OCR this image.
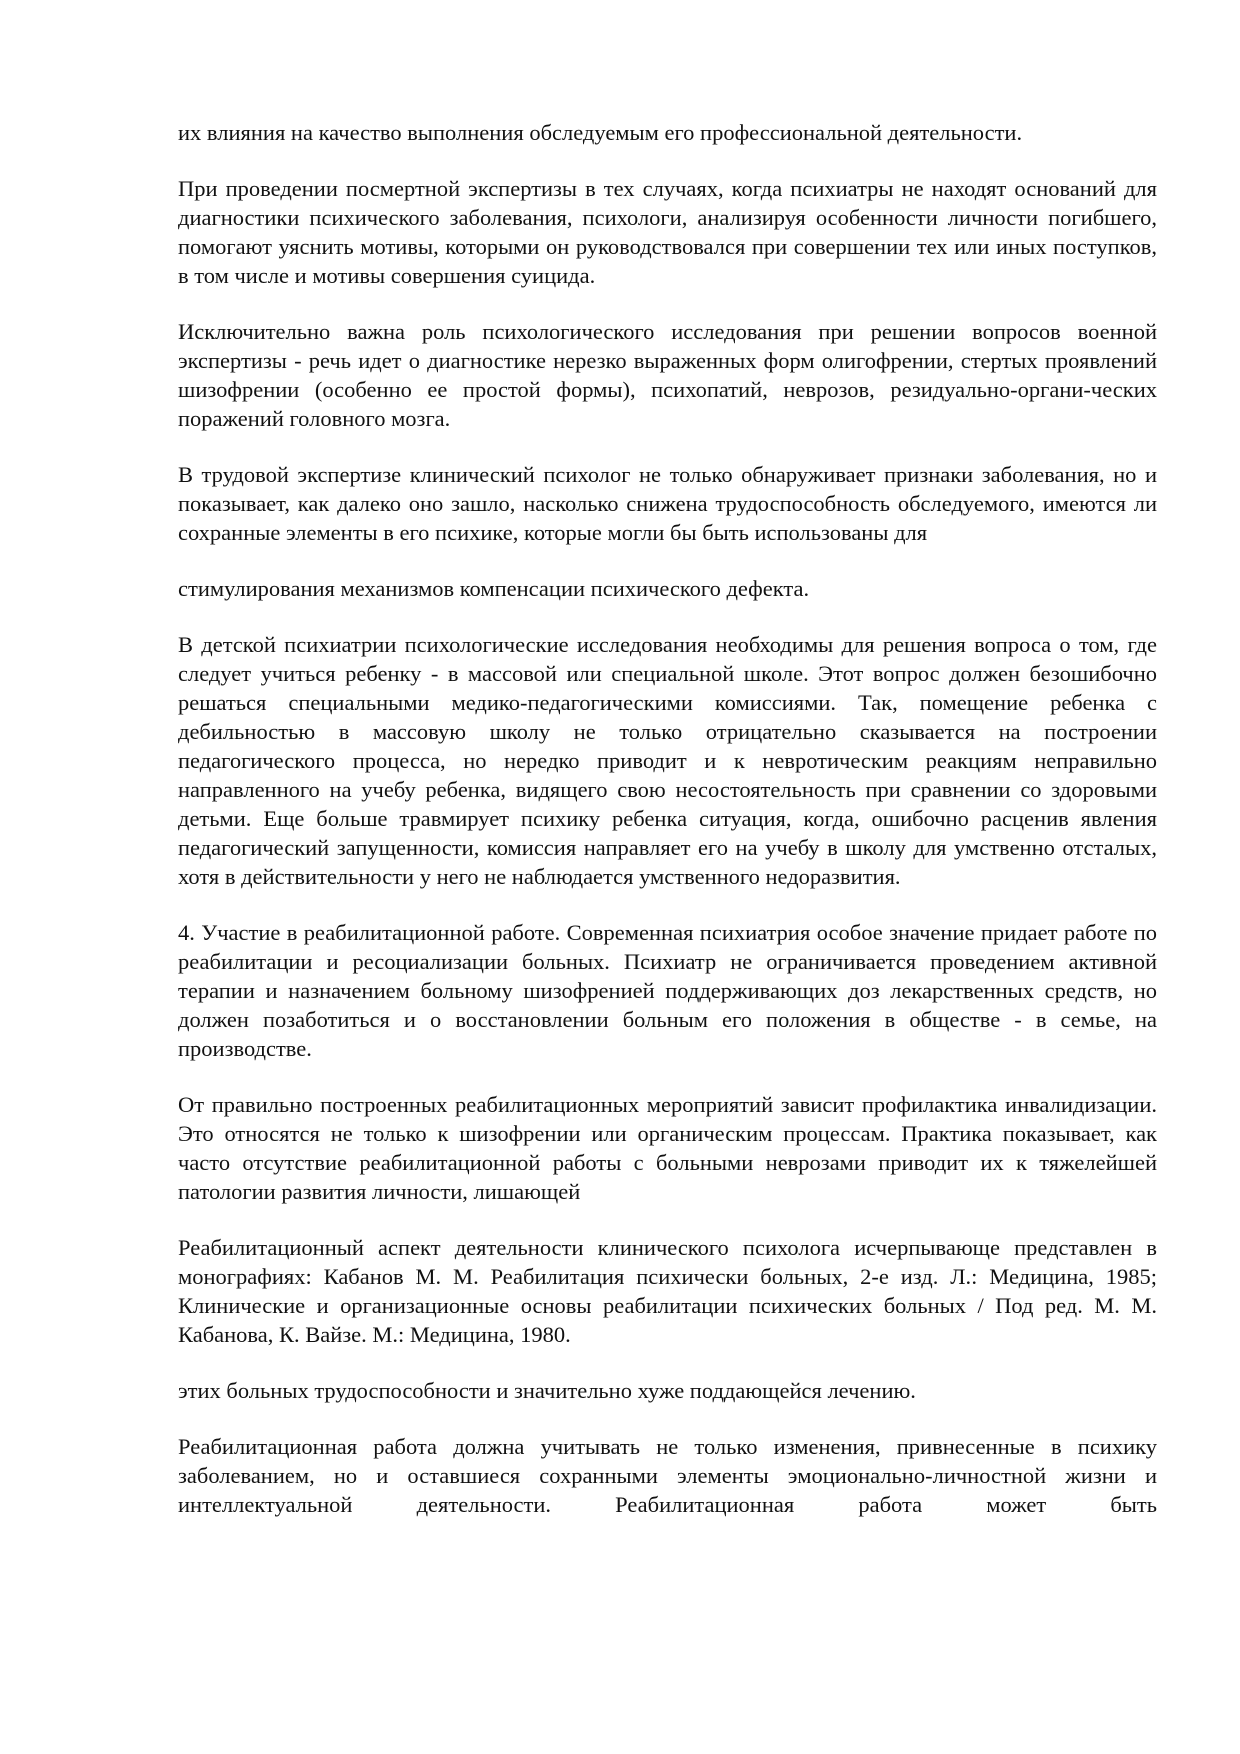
их влияния на качество выполнения обследуемым его профессиональной деятельности.

При проведении посмертной экспертизы в тех случаях, когда психиатры не находят оснований для диагностики психического заболевания, психологи, анализируя особенности личности погибшего, помогают уяснить мотивы, которыми он руководствовался при совершении тех или иных поступков, в том числе и мотивы совершения суицида.

Исключительно важна роль психологического исследования при решении вопросов военной экспертизы - речь идет о диагностике нерезко выраженных форм олигофрении, стертых проявлений шизофрении (особенно ее простой формы), психопатий, неврозов, резидуально-органи-ческих поражений головного мозга.

В трудовой экспертизе клинический психолог не только обнаруживает признаки заболевания, но и показывает, как далеко оно зашло, насколько снижена трудоспособность обследуемого, имеются ли сохранные элементы в его психике, которые могли бы быть использованы для

стимулирования механизмов компенсации психического дефекта.

В детской психиатрии психологические исследования необходимы для решения вопроса о том, где следует учиться ребенку - в массовой или специальной школе. Этот вопрос должен безошибочно решаться специальными медико-педагогическими комиссиями. Так, помещение ребенка с дебильностью в массовую школу не только отрицательно сказывается на построении педагогического процесса, но нередко приводит и к невротическим реакциям неправильно направленного на учебу ребенка, видящего свою несостоятельность при сравнении со здоровыми детьми. Еще больше травмирует психику ребенка ситуация, когда, ошибочно расценив явления педагогический запущенности, комиссия направляет его на учебу в школу для умственно отсталых, хотя в действительности у него не наблюдается умственного недоразвития.

4. Участие в реабилитационной работе. Современная психиатрия особое значение придает работе по реабилитации и ресоциализации больных. Психиатр не ограничивается проведением активной терапии и назначением больному шизофренией поддерживающих доз лекарственных средств, но должен позаботиться и о восстановлении больным его положения в обществе - в семье, на производстве.

От правильно построенных реабилитационных мероприятий зависит профилактика инвалидизации. Это относятся не только к шизофрении или органическим процессам. Практика показывает, как часто отсутствие реабилитационной работы с больными неврозами приводит их к тяжелейшей патологии развития личности, лишающей

Реабилитационный аспект деятельности клинического психолога исчерпывающе представлен в монографиях: Кабанов М. М. Реабилитация психически больных, 2-е изд. Л.: Медицина, 1985; Клинические и организационные основы реабилитации психических больных / Под ред. М. М. Кабанова, К. Вайзе. М.: Медицина, 1980.

этих больных трудоспособности и значительно хуже поддающейся лечению.

Реабилитационная работа должна учитывать не только изменения, привнесенные в психику заболеванием, но и оставшиеся сохранными элементы эмоционально-личностной жизни и интеллектуальной деятельности. Реабилитационная работа может быть
